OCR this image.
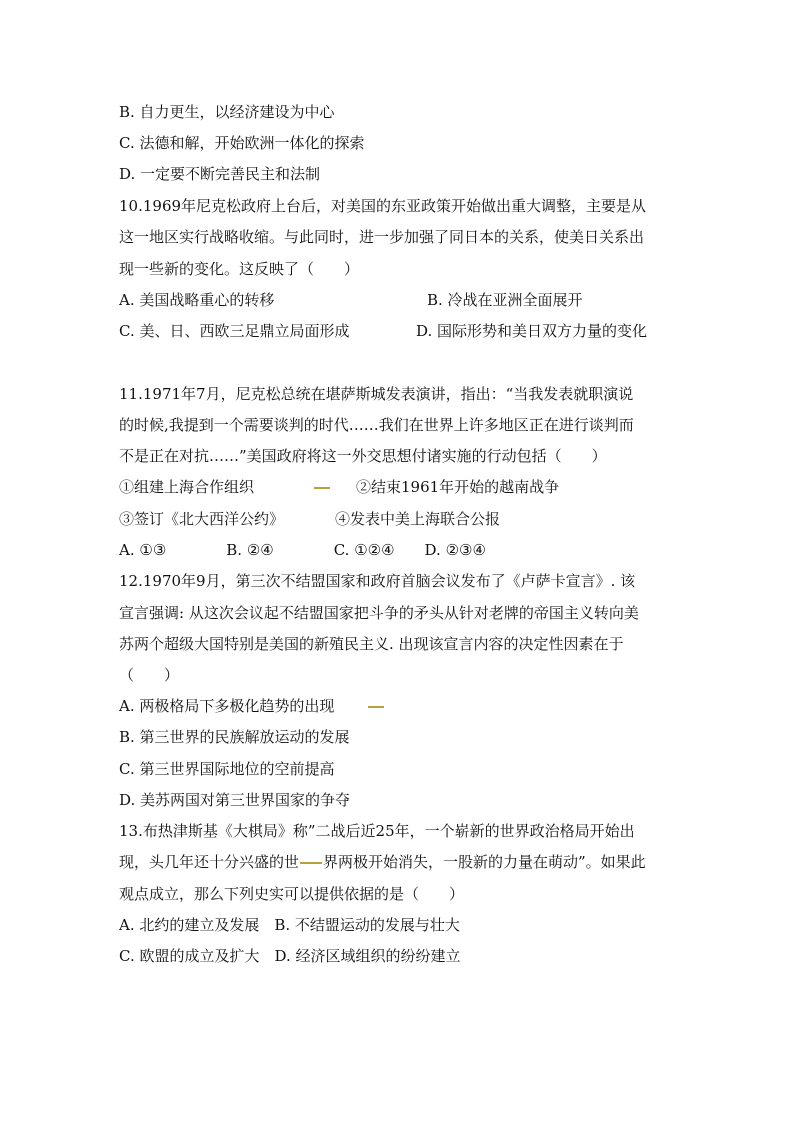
B. 自力更生，以经济建设为中心
C. 法德和解，开始欧洲一体化的探索
D. 一定要不断完善民主和法制
10.1969年尼克松政府上台后，对美国的东亚政策开始做出重大调整，主要是从
这一地区实行战略收缩。与此同时，进一步加强了同日本的关系，使美日关系出
现一些新的变化。这反映了（　　）
A. 美国战略重心的转移	B. 冷战在亚洲全面展开
C. 美、日、西欧三足鼎立局面形成	D. 国际形势和美日双方力量的变化
11.1971年7月，尼克松总统在堪萨斯城发表演讲，指出：“当我发表就职演说
的时候,我提到一个需要谈判的时代……我们在世界上许多地区正在进行谈判而
不是正在对抗……”美国政府将这一外交思想付诸实施的行动包括（　　）
①组建上海合作组织	②结束1961年开始的越南战争
③签订《北大西洋公约》	④发表中美上海联合公报
A. ①③　　　　B. ②④　　　　C. ①②④　　D. ②③④
12.1970年9月，第三次不结盟国家和政府首脑会议发布了《卢萨卡宣言》. 该
宣言强调: 从这次会议起不结盟国家把斗争的矛头从针对老牌的帝国主义转向美
苏两个超级大国特别是美国的新殖民主义. 出现该宣言内容的决定性因素在于
（　　）
A. 两极格局下多极化趋势的出现
B. 第三世界的民族解放运动的发展
C. 第三世界国际地位的空前提高
D. 美苏两国对第三世界国家的争夺
13.布热津斯基《大棋局》称”二战后近25年，一个崭新的世界政治格局开始出
现，头几年还十分兴盛的世 界两极开始消失，一股新的力量在萌动”。如果此
观点成立，那么下列史实可以提供依据的是（　　）
A. 北约的建立及发展　B. 不结盟运动的发展与壮大
C. 欧盟的成立及扩大　D. 经济区域组织的纷纷建立
